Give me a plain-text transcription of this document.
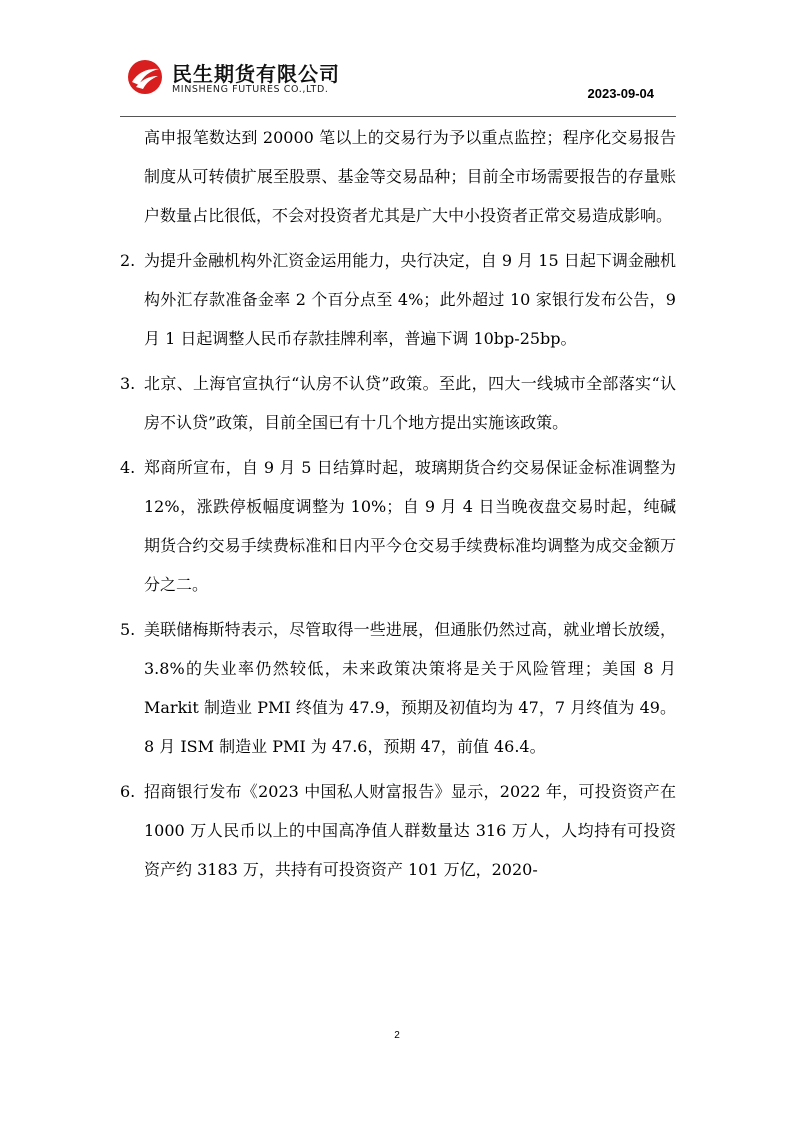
民生期货有限公司
MINSHENG FUTURES CO.,LTD.	2023-09-04
高申报笔数达到 20000 笔以上的交易行为予以重点监控；程序化交易报告制度从可转债扩展至股票、基金等交易品种；目前全市场需要报告的存量账户数量占比很低，不会对投资者尤其是广大中小投资者正常交易造成影响。
2. 为提升金融机构外汇资金运用能力，央行决定，自 9 月 15 日起下调金融机构外汇存款准备金率 2 个百分点至 4%；此外超过 10 家银行发布公告，9 月 1 日起调整人民币存款挂牌利率，普遍下调 10bp-25bp。
3. 北京、上海官宣执行“认房不认贷”政策。至此，四大一线城市全部落实“认房不认贷”政策，目前全国已有十几个地方提出实施该政策。
4. 郑商所宣布，自 9 月 5 日结算时起，玻璃期货合约交易保证金标准调整为 12%，涨跌停板幅度调整为 10%；自 9 月 4 日当晚夜盘交易时起，纯碱期货合约交易手续费标准和日内平今仓交易手续费标准均调整为成交金额万分之二。
5. 美联储梅斯特表示，尽管取得一些进展，但通胀仍然过高，就业增长放缓，3.8%的失业率仍然较低，未来政策决策将是关于风险管理；美国 8 月 Markit 制造业 PMI 终值为 47.9，预期及初值均为 47，7 月终值为 49。8 月 ISM 制造业 PMI 为 47.6，预期 47，前值 46.4。
6. 招商银行发布《2023 中国私人财富报告》显示，2022 年，可投资资产在 1000 万人民币以上的中国高净值人群数量达 316 万人，人均持有可投资资产约 3183 万，共持有可投资资产 101 万亿，2020-
2
